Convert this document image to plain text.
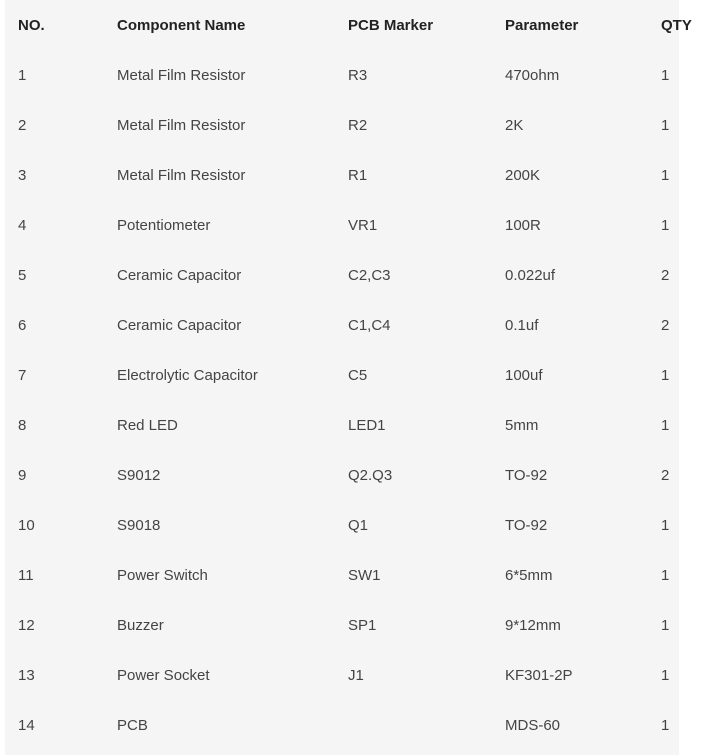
NO.	Component Name	PCB Marker	Parameter	QTY
1	Metal Film Resistor	R3	470ohm	1
2	Metal Film Resistor	R2	2K	1
3	Metal Film Resistor	R1	200K	1
4	Potentiometer	VR1	100R	1
5	Ceramic Capacitor	C2,C3	0.022uf	2
6	Ceramic Capacitor	C1,C4	0.1uf	2
7	Electrolytic Capacitor	C5	100uf	1
8	Red LED	LED1	5mm	1
9	S9012	Q2.Q3	TO-92	2
10	S9018	Q1	TO-92	1
11	Power Switch	SW1	6*5mm	1
12	Buzzer	SP1	9*12mm	1
13	Power Socket	J1	KF301-2P	1
14	PCB		MDS-60	1
